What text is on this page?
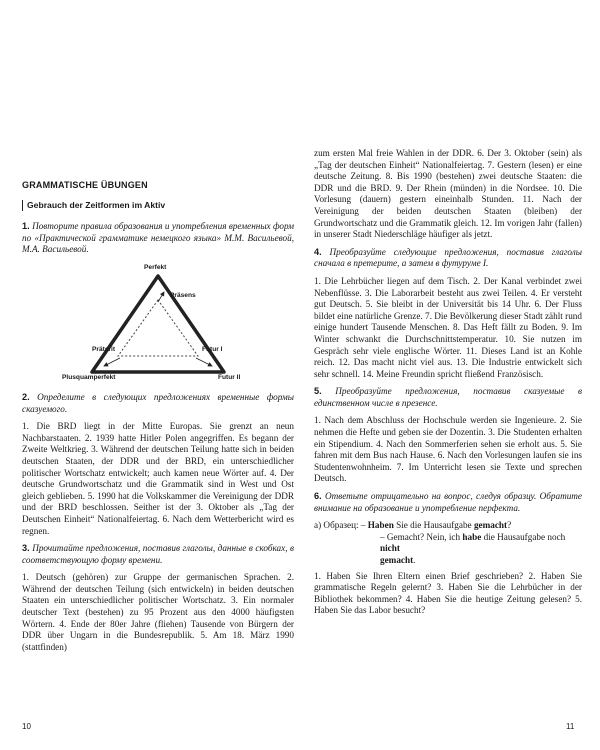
GRAMMATISCHE ÜBUNGEN
Gebrauch der Zeitformen im Aktiv

1. Повторите правила образования и употребления временных форм по «Практической грамматике немецкого языка» М.М. Васильевой, М.А. Васильевой.

Perfekt
Präsens
Präterit	Futur I
Plusquamperfekt	Futur II

2. Определите в следующих предложениях временные формы сказуемого.

1. Die BRD liegt in der Mitte Europas. Sie grenzt an neun Nachbarstaaten. 2. 1939 hatte Hitler Polen angegriffen. Es begann der Zweite Weltkrieg. 3. Während der deutschen Teilung hatte sich in beiden deutschen Staaten, der DDR und der BRD, ein unterschiedlicher politischer Wortschatz entwickelt; auch kamen neue Wörter auf. 4. Der deutsche Grundwortschatz und die Grammatik sind in West und Ost gleich geblieben. 5. 1990 hat die Volkskammer die Vereinigung der DDR und der BRD beschlossen. Seither ist der 3. Oktober als „Tag der Deutschen Einheit“ Nationalfeiertag. 6. Nach dem Wetterbericht wird es regnen.

3. Прочитайте предложения, поставив глаголы, данные в скобках, в соответствующую форму времени.

1. Deutsch (gehören) zur Gruppe der germanischen Sprachen. 2. Während der deutschen Teilung (sich entwickeln) in beiden deutschen Staaten ein unterschiedlicher politischer Wortschatz. 3. Ein normaler deutscher Text (bestehen) zu 95 Prozent aus den 4000 häufigsten Wörtern. 4. Ende der 80er Jahre (fliehen) Tausende von Bürgern der DDR über Ungarn in die Bundesrepublik. 5. Am 18. März 1990 (stattfinden)

10

zum ersten Mal freie Wahlen in der DDR. 6. Der 3. Oktober (sein) als „Tag der deutschen Einheit“ Nationalfeiertag. 7. Gestern (lesen) er eine deutsche Zeitung. 8. Bis 1990 (bestehen) zwei deutsche Staaten: die DDR und die BRD. 9. Der Rhein (münden) in die Nordsee. 10. Die Vorlesung (dauern) gestern eineinhalb Stunden. 11. Nach der Vereinigung der beiden deutschen Staaten (bleiben) der Grundwortschatz und die Grammatik gleich. 12. Im vorigen Jahr (fallen) in unserer Stadt Niederschläge häufiger als jetzt.

4. Преобразуйте следующие предложения, поставив глаголы сначала в претерите, а затем в футуруме I.

1. Die Lehrbücher liegen auf dem Tisch. 2. Der Kanal verbindet zwei Nebenflüsse. 3. Die Laborarbeit besteht aus zwei Teilen. 4. Er versteht gut Deutsch. 5. Sie bleibt in der Universität bis 14 Uhr. 6. Der Fluss bildet eine natürliche Grenze. 7. Die Bevölkerung dieser Stadt zählt rund einige hundert Tausende Menschen. 8. Das Heft fällt zu Boden. 9. Im Winter schwankt die Durchschnittstemperatur. 10. Sie nutzen im Gespräch sehr viele englische Wörter. 11. Dieses Land ist an Kohle reich. 12. Das macht nicht viel aus. 13. Die Industrie entwickelt sich sehr schnell. 14. Meine Freundin spricht fließend Französisch.

5. Преобразуйте предложения, поставив сказуемые в единственном числе в презенсе.

1. Nach dem Abschluss der Hochschule werden sie Ingenieure. 2. Sie nehmen die Hefte und geben sie der Dozentin. 3. Die Studenten erhalten ein Stipendium. 4. Nach den Sommerferien sehen sie erholt aus. 5. Sie fahren mit dem Bus nach Hause. 6. Nach den Vorlesungen laufen sie ins Studentenwohnheim. 7. Im Unterricht lesen sie Texte und sprechen Deutsch.

6. Ответьте отрицательно на вопрос, следуя образцу. Обратите внимание на образование и употребление перфекта.

а) Образец: – Haben Sie die Hausaufgabe gemacht?
– Gemacht? Nein, ich habe die Hausaufgabe noch nicht
gemacht.

1. Haben Sie Ihren Eltern einen Brief geschrieben? 2. Haben Sie grammatische Regeln gelernt? 3. Haben Sie die Lehrbücher in der Bibliothek bekommen? 4. Haben Sie die heutige Zeitung gelesen? 5. Haben Sie das Labor besucht?

11
